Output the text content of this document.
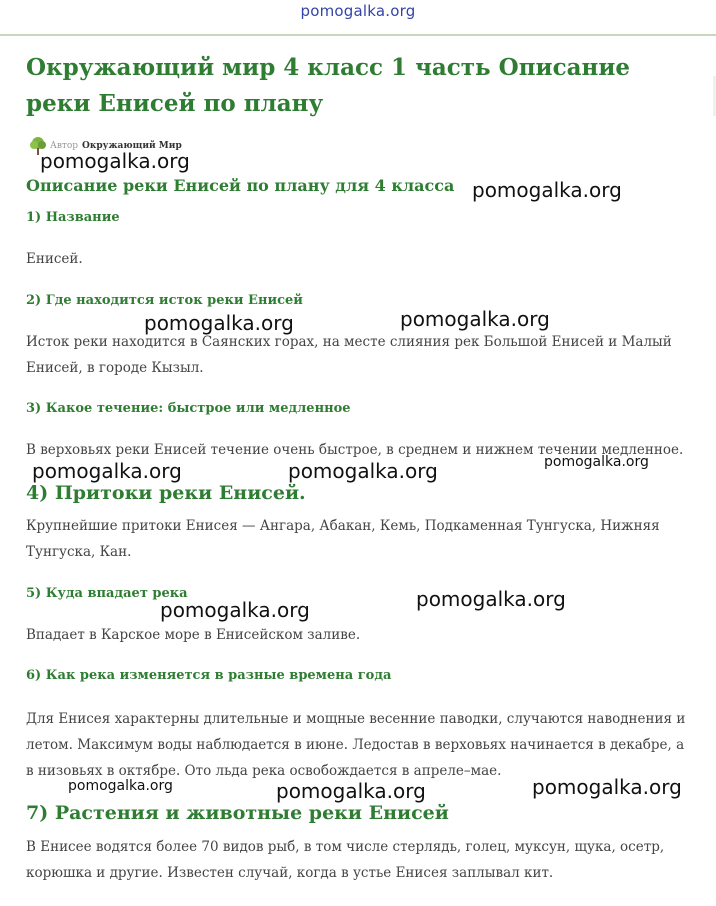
pomogalka.org
Окружающий мир 4 класс 1 часть Описание реки Енисей по плану
Автор Окружающий Мир
Описание реки Енисей по плану для 4 класса
1) Название

Енисей.

2) Где находится исток реки Енисей

Исток реки находится в Саянских горах, на месте слияния рек Большой Енисей и Малый Енисей, в городе Кызыл.

3) Какое течение: быстрое или медленное

В верховьях реки Енисей течение очень быстрое, в среднем и нижнем течении медленное.

4) Притоки реки Енисей.

Крупнейшие притоки Енисея — Ангара, Абакан, Кемь, Подкаменная Тунгуска, Нижняя Тунгуска, Кан.

5) Куда впадает река

Впадает в Карское море в Енисейском заливе.

6) Как река изменяется в разные времена года

Для Енисея характерны длительные и мощные весенние паводки, случаются наводнения и летом. Максимум воды наблюдается в июне. Ледостав в верховьях начинается в декабре, а в низовьях в октябре. Ото льда река освобождается в апреле–мае.

7) Растения и животные реки Енисей

В Енисее водятся более 70 видов рыб, в том числе стерлядь, голец, муксун, щука, осетр, корюшка и другие. Известен случай, когда в устье Енисея заплывал кит.

pomogalka.org
pomogalka.org
pomogalka.org	pomogalka.org
pomogalka.org	pomogalka.org	pomogalka.org
pomogalka.org	pomogalka.org
pomogalka.org	pomogalka.org	pomogalka.org
